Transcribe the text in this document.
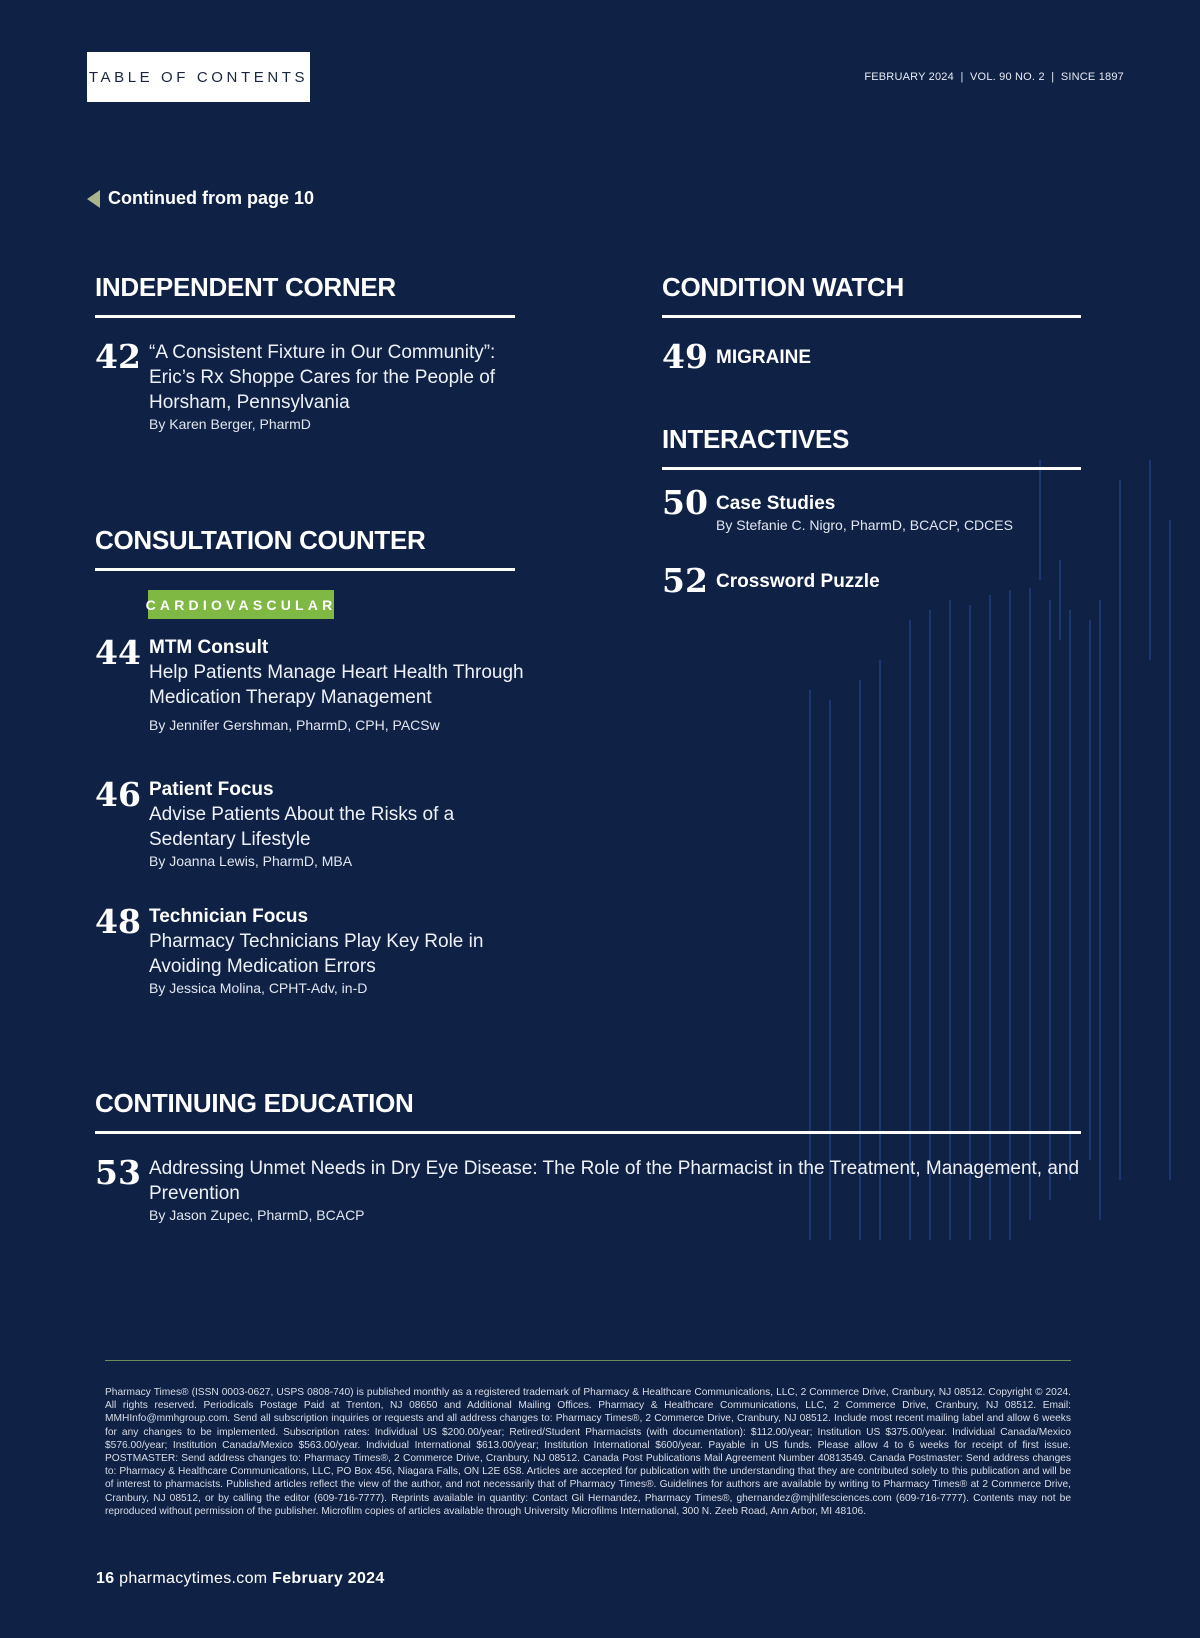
TABLE OF CONTENTS	FEBRUARY 2024  |  VOL. 90 NO. 2  |  SINCE 1897
Continued from page 10
INDEPENDENT CORNER
42 “A Consistent Fixture in Our Community”:
Eric’s Rx Shoppe Cares for the People of
Horsham, Pennsylvania
By Karen Berger, PharmD
CONSULTATION COUNTER
CARDIOVASCULAR
44 MTM Consult
Help Patients Manage Heart Health Through
Medication Therapy Management
By Jennifer Gershman, PharmD, CPH, PACSw
46 Patient Focus
Advise Patients About the Risks of a
Sedentary Lifestyle
By Joanna Lewis, PharmD, MBA
48 Technician Focus
Pharmacy Technicians Play Key Role in
Avoiding Medication Errors
By Jessica Molina, CPHT-Adv, in-D
CONDITION WATCH
49 MIGRAINE
INTERACTIVES
50 Case Studies
By Stefanie C. Nigro, PharmD, BCACP, CDCES
52 Crossword Puzzle
CONTINUING EDUCATION
53 Addressing Unmet Needs in Dry Eye Disease: The Role of the Pharmacist in the Treatment, Management, and
Prevention
By Jason Zupec, PharmD, BCACP
Pharmacy Times® (ISSN 0003-0627, USPS 0808-740) is published monthly as a registered trademark of Pharmacy & Healthcare Communications, LLC, 2 Commerce Drive, Cranbury, NJ 08512. Copyright © 2024. All rights reserved. Periodicals Postage Paid at Trenton, NJ 08650 and Additional Mailing Offices. Pharmacy & Healthcare Communications, LLC, 2 Commerce Drive, Cranbury, NJ 08512. Email: MMHInfo@mmhgroup.com. Send all subscription inquiries or requests and all address changes to: Pharmacy Times®, 2 Commerce Drive, Cranbury, NJ 08512. Include most recent mailing label and allow 6 weeks for any changes to be implemented. Subscription rates: Individual US $200.00/year; Retired/Student Pharmacists (with documentation): $112.00/year; Institution US $375.00/year. Individual Canada/Mexico $576.00/year; Institution Canada/Mexico $563.00/year. Individual International $613.00/year; Institution International $600/year. Payable in US funds. Please allow 4 to 6 weeks for receipt of first issue. POSTMASTER: Send address changes to: Pharmacy Times®, 2 Commerce Drive, Cranbury, NJ 08512. Canada Post Publications Mail Agreement Number 40813549. Canada Postmaster: Send address changes to: Pharmacy & Healthcare Communications, LLC, PO Box 456, Niagara Falls, ON L2E 6S8. Articles are accepted for publication with the understanding that they are contributed solely to this publication and will be of interest to pharmacists. Published articles reflect the view of the author, and not necessarily that of Pharmacy Times®. Guidelines for authors are available by writing to Pharmacy Times® at 2 Commerce Drive, Cranbury, NJ 08512, or by calling the editor (609-716-7777). Reprints available in quantity: Contact Gil Hernandez, Pharmacy Times®, ghernandez@mjhlifesciences.com (609-716-7777). Contents may not be reproduced without permission of the publisher. Microfilm copies of articles available through University Microfilms International, 300 N. Zeeb Road, Ann Arbor, MI 48106.
16 pharmacytimes.com February 2024
